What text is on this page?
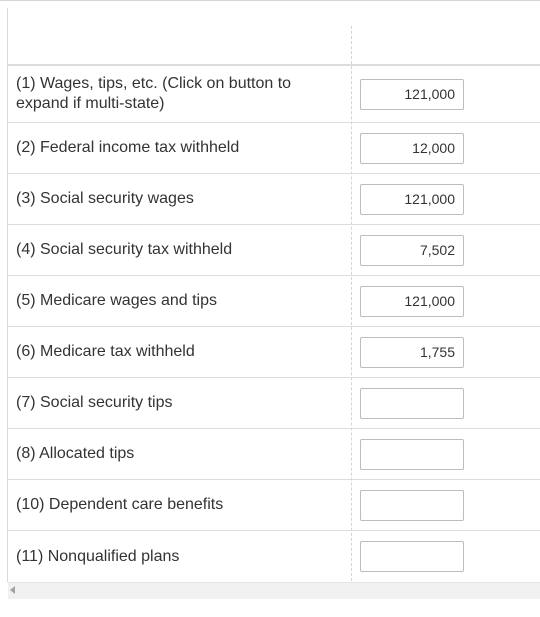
(1) Wages, tips, etc. (Click on button to expand if multi-state)
121,000
(2) Federal income tax withheld
12,000
(3) Social security wages
121,000
(4) Social security tax withheld
7,502
(5) Medicare wages and tips
121,000
(6) Medicare tax withheld
1,755
(7) Social security tips
(8) Allocated tips
(10) Dependent care benefits
(11) Nonqualified plans
